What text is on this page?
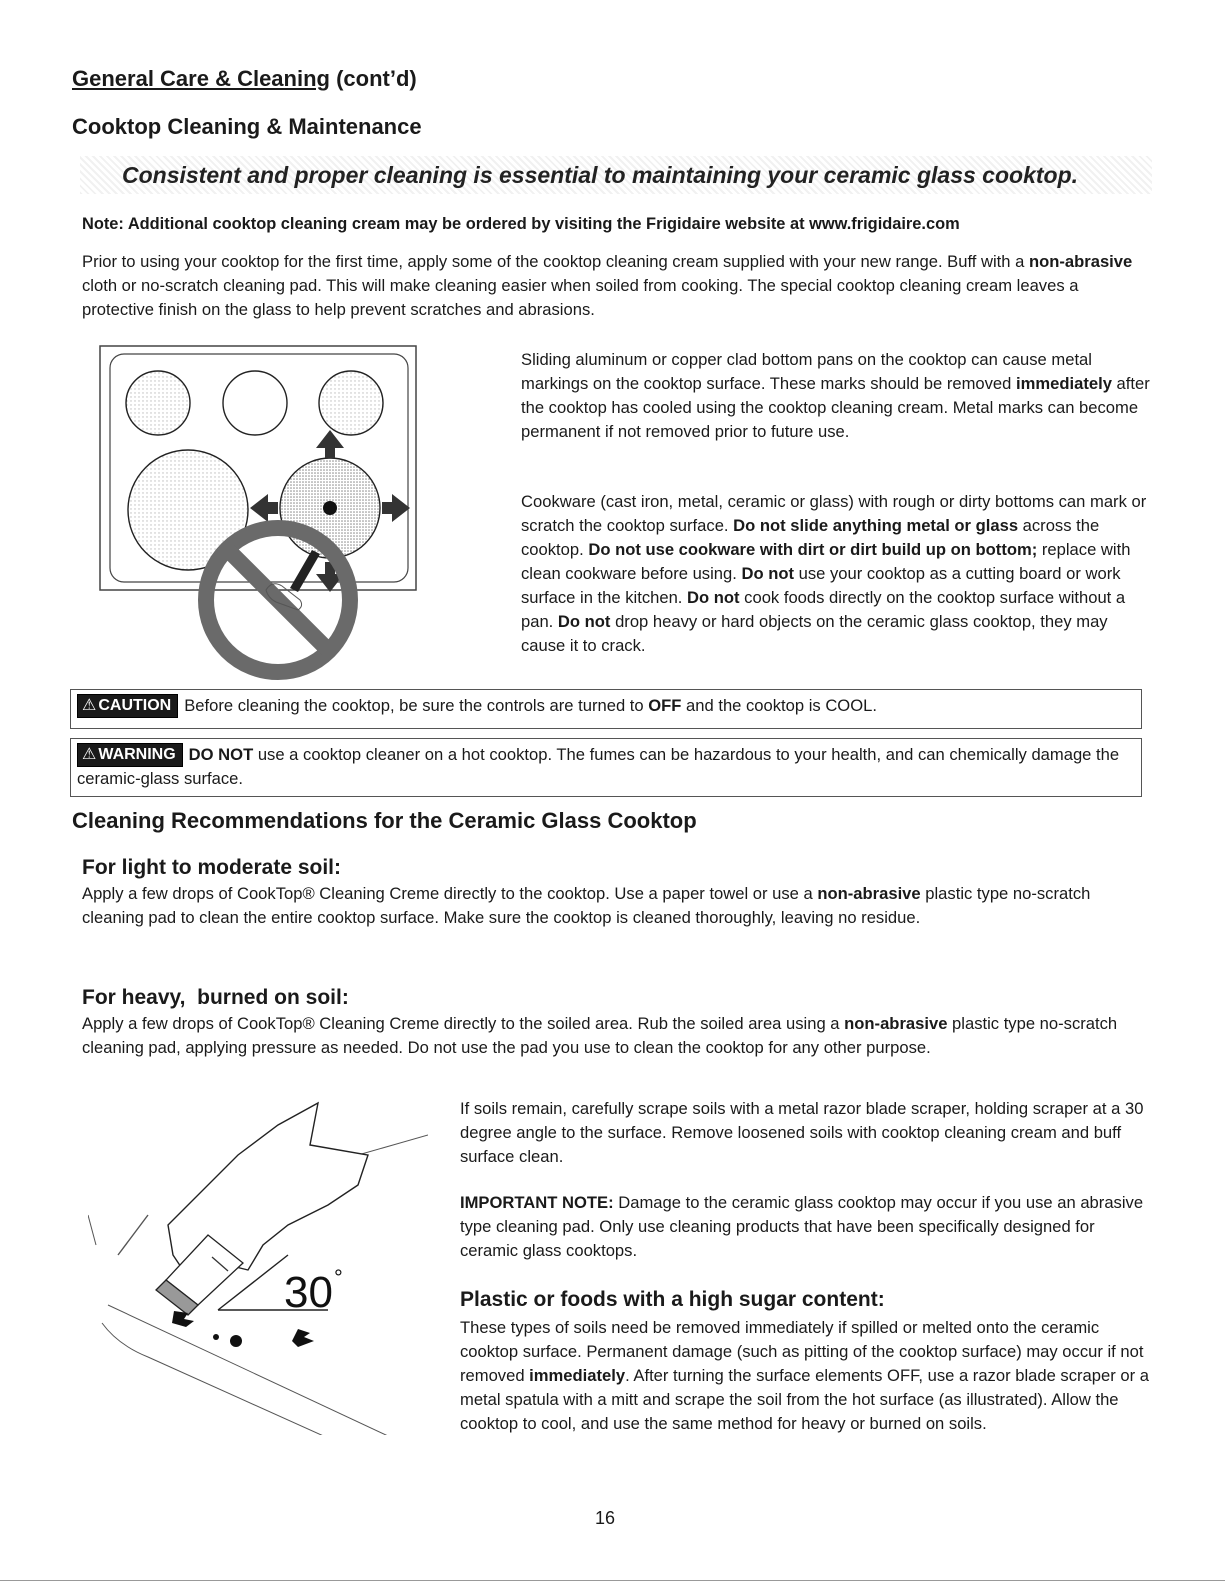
General Care & Cleaning (cont’d)
Cooktop Cleaning & Maintenance
Consistent and proper cleaning is essential to maintaining your ceramic glass cooktop.
Note: Additional cooktop cleaning cream may be ordered by visiting the Frigidaire website at www.frigidaire.com
Prior to using your cooktop for the first time, apply some of the cooktop cleaning cream supplied with your new range. Buff with a non-abrasive cloth or no-scratch cleaning pad. This will make cleaning easier when soiled from cooking. The special cooktop cleaning cream leaves a protective finish on the glass to help prevent scratches and abrasions.
Sliding aluminum or copper clad bottom pans on the cooktop can cause metal markings on the cooktop surface. These marks should be removed immediately after the cooktop has cooled using the cooktop cleaning cream. Metal marks can become permanent if not removed prior to future use.
Cookware (cast iron, metal, ceramic or glass) with rough or dirty bottoms can mark or scratch the cooktop surface. Do not slide anything metal or glass across the cooktop. Do not use cookware with dirt or dirt build up on bottom; replace with clean cookware before using. Do not use your cooktop as a cutting board or work surface in the kitchen. Do not cook foods directly on the cooktop surface without a pan. Do not drop heavy or hard objects on the ceramic glass cooktop, they may cause it to crack.
⚠ CAUTION Before cleaning the cooktop, be sure the controls are turned to OFF and the cooktop is COOL.
⚠ WARNING DO NOT use a cooktop cleaner on a hot cooktop. The fumes can be hazardous to your health, and can chemically damage the ceramic-glass surface.
Cleaning Recommendations for the Ceramic Glass Cooktop
For light to moderate soil:
Apply a few drops of CookTop® Cleaning Creme directly to the cooktop. Use a paper towel or use a non-abrasive plastic type no-scratch cleaning pad to clean the entire cooktop surface. Make sure the cooktop is cleaned thoroughly, leaving no residue.
For heavy,  burned on soil:
Apply a few drops of CookTop® Cleaning Creme directly to the soiled area. Rub the soiled area using a non-abrasive plastic type no-scratch cleaning pad, applying pressure as needed. Do not use the pad you use to clean the cooktop for any other purpose.
30 °
If soils remain, carefully scrape soils with a metal razor blade scraper, holding scraper at a 30 degree angle to the surface. Remove loosened soils with cooktop cleaning cream and buff surface clean.
IMPORTANT NOTE: Damage to the ceramic glass cooktop may occur if you use an abrasive type cleaning pad. Only use cleaning products that have been specifically designed for ceramic glass cooktops.
Plastic or foods with a high sugar content:
These types of soils need be removed immediately if spilled or melted onto the ceramic cooktop surface. Permanent damage (such as pitting of the cooktop surface) may occur if not removed immediately. After turning the surface elements OFF, use a razor blade scraper or a metal spatula with a mitt and scrape the soil from the hot surface (as illustrated). Allow the cooktop to cool, and use the same method for heavy or burned on soils.
16
